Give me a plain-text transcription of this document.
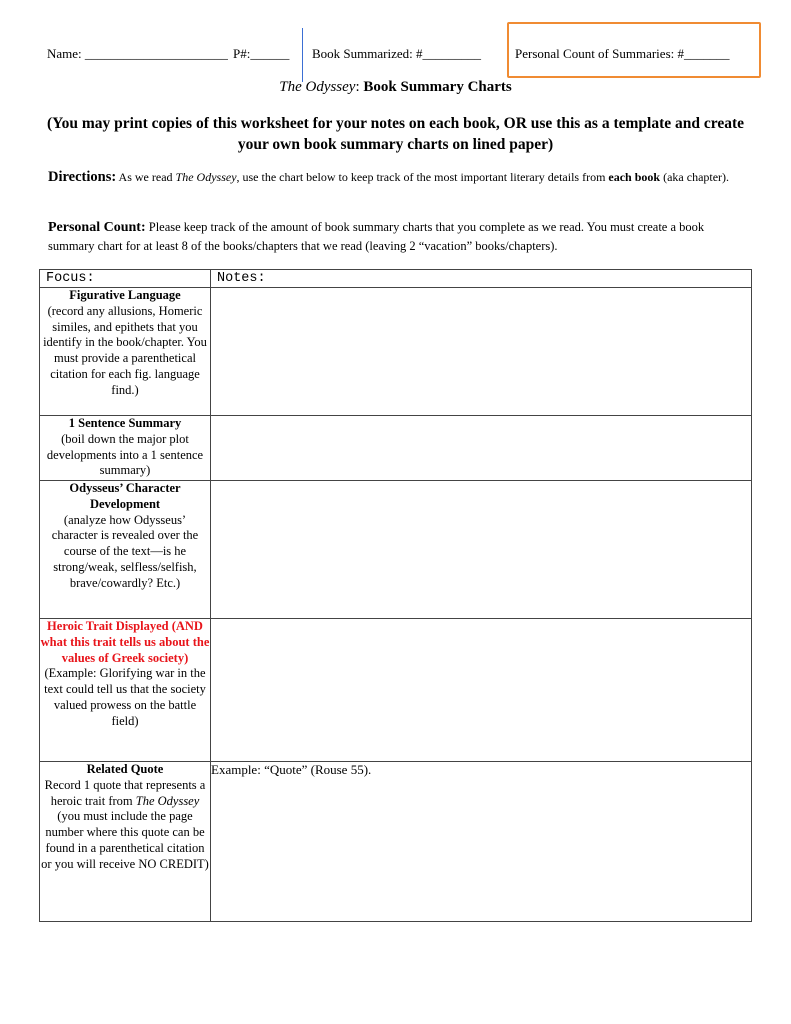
Name: ______________________ P#:______ Book Summarized: #_________	Personal Count of Summaries: #_______
The Odyssey: Book Summary Charts
(You may print copies of this worksheet for your notes on each book, OR use this as a template and create your own book summary charts on lined paper)
Directions: As we read The Odyssey, use the chart below to keep track of the most important literary details from each book (aka chapter).
Personal Count: Please keep track of the amount of book summary charts that you complete as we read. You must create a book summary chart for at least 8 of the books/chapters that we read (leaving 2 “vacation” books/chapters).
Focus:	Notes:

Figurative Language
(record any allusions, Homeric similes, and epithets that you identify in the book/chapter. You must provide a parenthetical citation for each fig. language find.)	

1 Sentence Summary
(boil down the major plot developments into a 1 sentence summary)	

Odysseus’ Character Development
(analyze how Odysseus’ character is revealed over the course of the text—is he strong/weak, selfless/selfish, brave/cowardly? Etc.)	

Heroic Trait Displayed (AND what this trait tells us about the values of Greek society)
(Example: Glorifying war in the text could tell us that the society valued prowess on the battle field)	

Related Quote
Record 1 quote that represents a heroic trait from The Odyssey (you must include the page number where this quote can be found in a parenthetical citation or you will receive NO CREDIT)	Example: “Quote” (Rouse 55).
